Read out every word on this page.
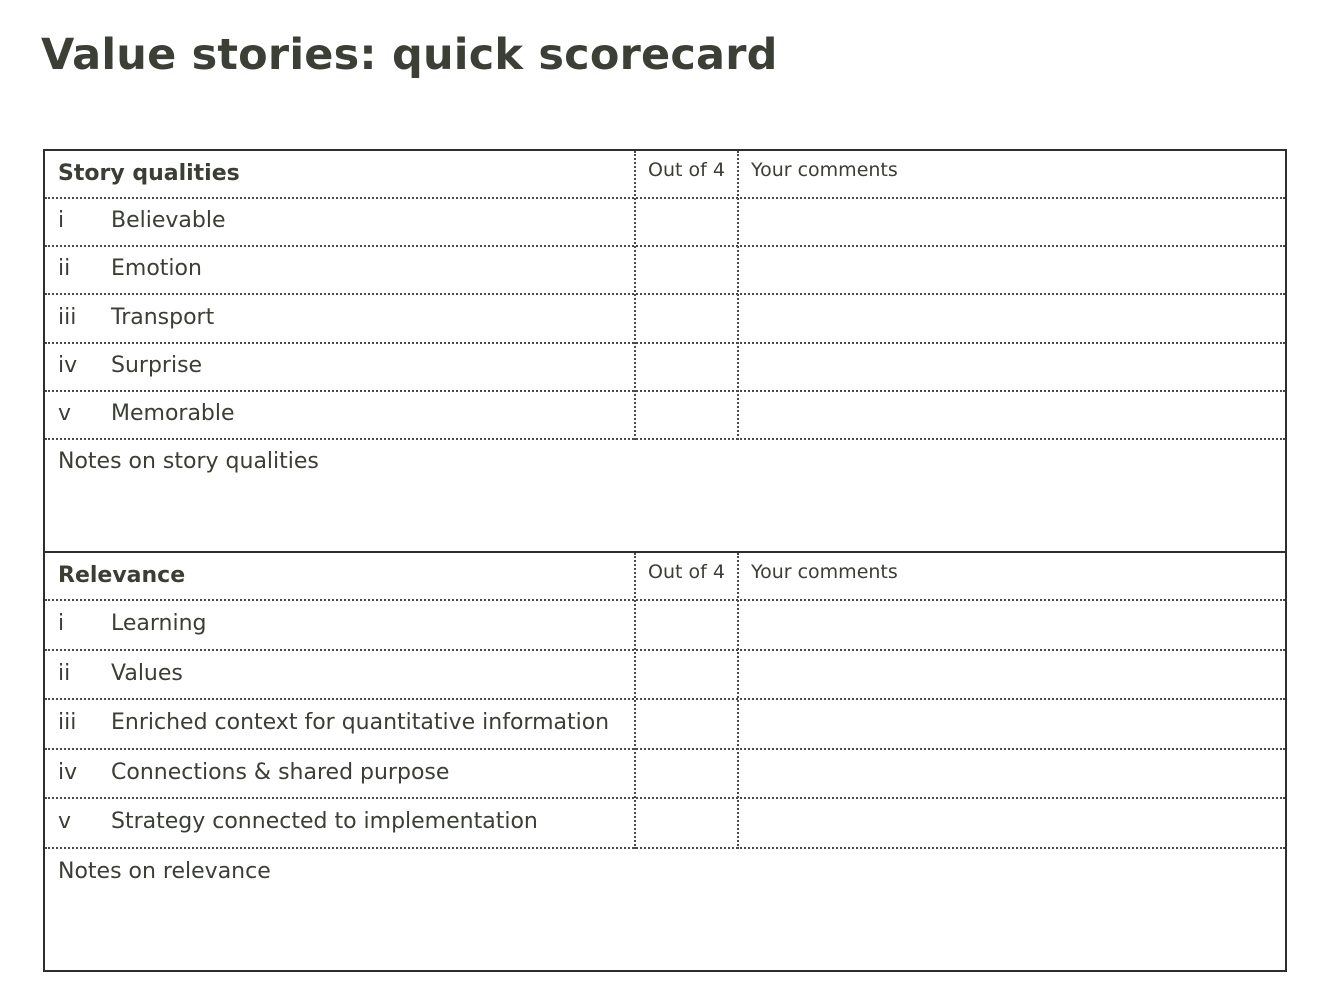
Value stories: quick scorecard
Story qualities	Out of 4 Your comments
i Believable
ii Emotion
iii Transport
iv Surprise
v Memorable
Notes on story qualities
Relevance	Out of 4 Your comments
i Learning
ii Values
iii Enriched context for quantitative information
iv Connections & shared purpose
v Strategy connected to implementation
Notes on relevance
